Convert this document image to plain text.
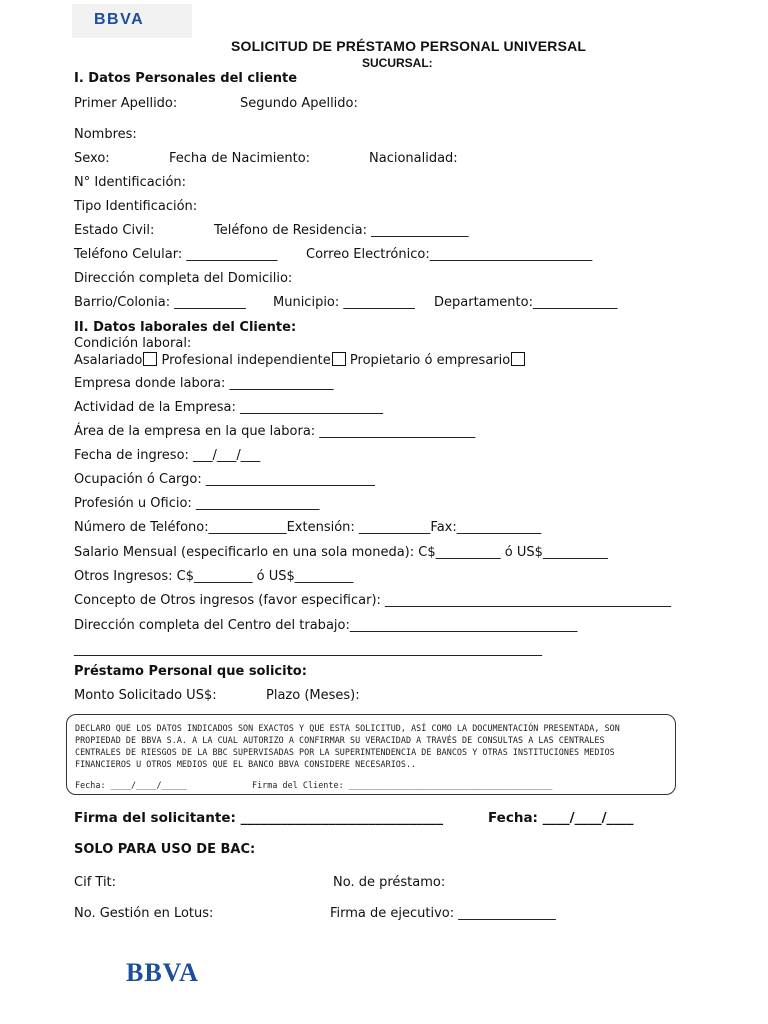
BBVA
SOLICITUD DE PRÉSTAMO PERSONAL UNIVERSAL
SUCURSAL:
I. Datos Personales del cliente
Primer Apellido:	Segundo Apellido:
Nombres:
Sexo:	Fecha de Nacimiento:	Nacionalidad:
N° Identificación:
Tipo Identificación:
Estado Civil:	Teléfono de Residencia: _______________
Teléfono Celular: ______________ Correo Electrónico:_________________________
Dirección completa del Domicilio:
Barrio/Colonia: ___________ Municipio: ___________ Departamento:_____________
II. Datos laborales del Cliente:
Condición laboral:
Asalariado Profesional independiente Propietario ó empresario
Empresa donde labora: ________________
Actividad de la Empresa: ______________________
Área de la empresa en la que labora: ________________________
Fecha de ingreso: ___/___/___
Ocupación ó Cargo: __________________________
Profesión u Oficio: ___________________
Número de Teléfono:____________Extensión: ___________Fax:_____________
Salario Mensual (especificarlo en una sola moneda): C$__________ ó US$__________
Otros Ingresos: C$_________ ó US$_________
Concepto de Otros ingresos (favor especificar): ____________________________________________
Dirección completa del Centro del trabajo:___________________________________
________________________________________________________________________
Préstamo Personal que solicito:
Monto Solicitado US$:	Plazo (Meses):
DECLARO QUE LOS DATOS INDICADOS SON EXACTOS Y QUE ESTA SOLICITUD, ASÍ COMO LA DOCUMENTACIÓN PRESENTADA, SON
PROPIEDAD DE BBVA S.A. A LA CUAL AUTORIZO A CONFIRMAR SU VERACIDAD A TRAVÉS DE CONSULTAS A LAS CENTRALES
CENTRALES DE RIESGOS DE LA BBC SUPERVISADAS POR LA SUPERINTENDENCIA DE BANCOS Y OTRAS INSTITUCIONES MEDIOS
FINANCIEROS U OTROS MEDIOS QUE EL BANCO BBVA CONSIDERE NECESARIOS..
Fecha: ____/____/_____	Firma del Cliente: ________________________________________
Firma del solicitante: ______________________________	Fecha: ____/____/____
SOLO PARA USO DE BAC:
Cif Tit:	No. de préstamo:
No. Gestión en Lotus:	Firma de ejecutivo: _______________
BBVA
